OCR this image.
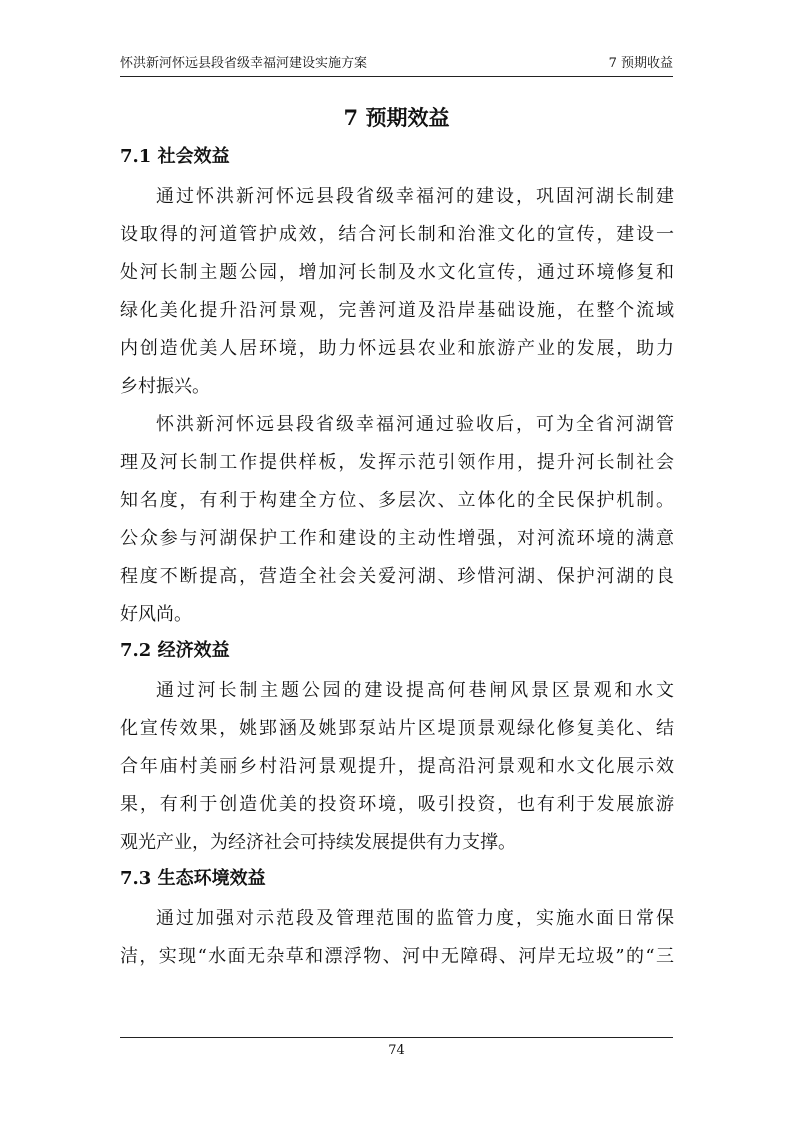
怀洪新河怀远县段省级幸福河建设实施方案	7 预期收益
7 预期效益
7.1 社会效益

通过怀洪新河怀远县段省级幸福河的建设，巩固河湖长制建
设取得的河道管护成效，结合河长制和治淮文化的宣传，建设一
处河长制主题公园，增加河长制及水文化宣传，通过环境修复和
绿化美化提升沿河景观，完善河道及沿岸基础设施，在整个流域
内创造优美人居环境，助力怀远县农业和旅游产业的发展，助力
乡村振兴。

怀洪新河怀远县段省级幸福河通过验收后，可为全省河湖管
理及河长制工作提供样板，发挥示范引领作用，提升河长制社会
知名度，有利于构建全方位、多层次、立体化的全民保护机制。
公众参与河湖保护工作和建设的主动性增强，对河流环境的满意
程度不断提高，营造全社会关爱河湖、珍惜河湖、保护河湖的良
好风尚。

7.2 经济效益

通过河长制主题公园的建设提高何巷闸风景区景观和水文
化宣传效果，姚郢涵及姚郢泵站片区堤顶景观绿化修复美化、结
合年庙村美丽乡村沿河景观提升，提高沿河景观和水文化展示效
果，有利于创造优美的投资环境，吸引投资，也有利于发展旅游
观光产业，为经济社会可持续发展提供有力支撑。

7.3 生态环境效益

通过加强对示范段及管理范围的监管力度，实施水面日常保
洁，实现“水面无杂草和漂浮物、河中无障碍、河岸无垃圾”的“三

74
